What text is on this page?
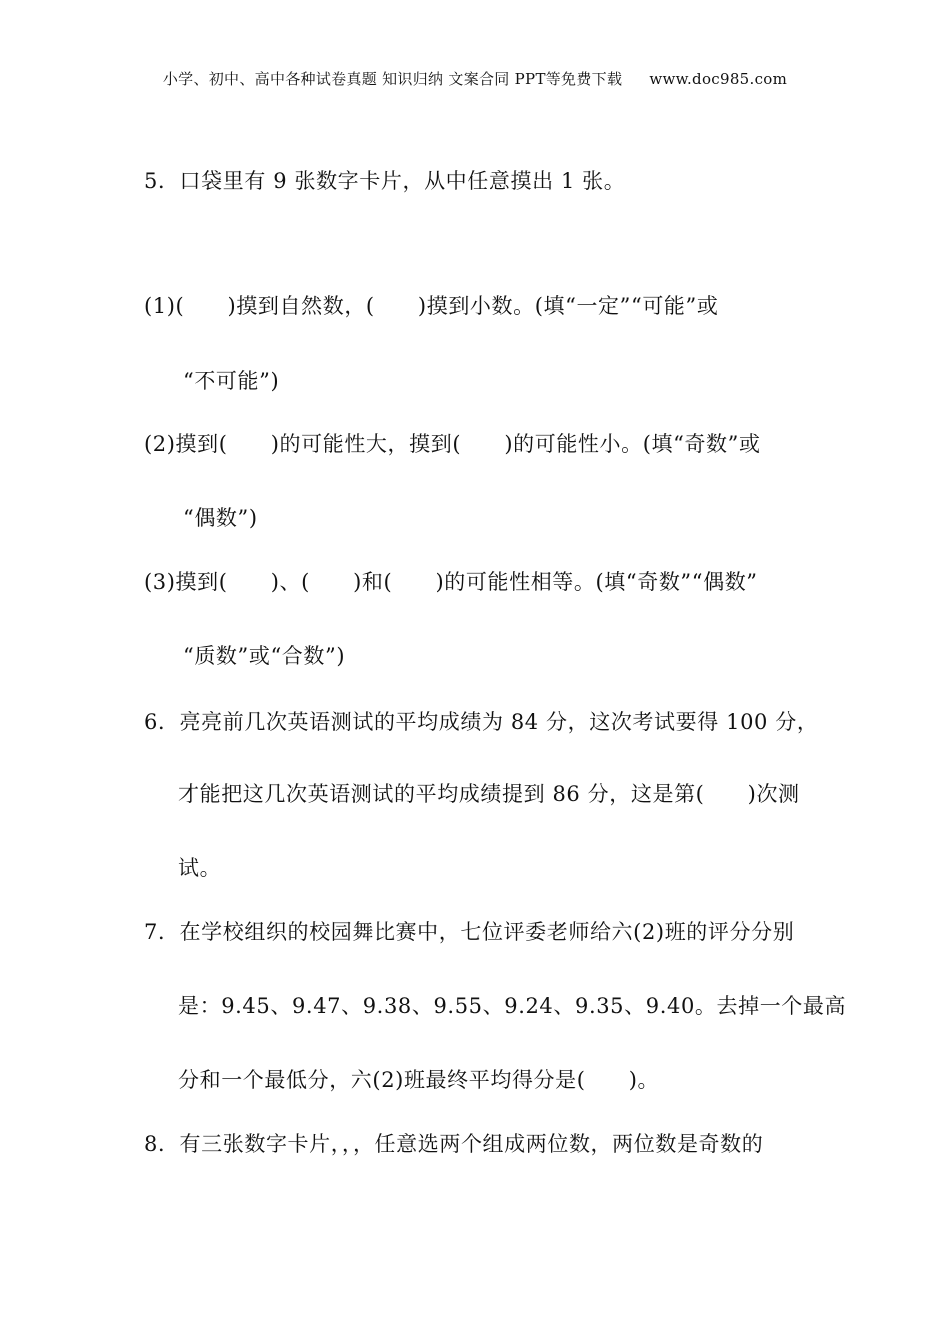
小学、初中、高中各种试卷真题 知识归纳 文案合同 PPT等免费下载 www.doc985.com
5．口袋里有 9 张数字卡片，从中任意摸出 1 张。
(1)(　　)摸到自然数，(　　)摸到小数。(填“一定”“可能”或
“不可能”)
(2)摸到(　　)的可能性大，摸到(　　)的可能性小。(填“奇数”或
“偶数”)
(3)摸到(　　)、(　　)和(　　)的可能性相等。(填“奇数”“偶数”
“质数”或“合数”)
6．亮亮前几次英语测试的平均成绩为 84 分，这次考试要得 100 分，
才能把这几次英语测试的平均成绩提到 86 分，这是第(　　)次测
试。
7．在学校组织的校园舞比赛中，七位评委老师给六(2)班的评分分别
是：9.45、9.47、9.38、9.55、9.24、9.35、9.40。去掉一个最高
分和一个最低分，六(2)班最终平均得分是(　　)。
8．有三张数字卡片，，，任意选两个组成两位数，两位数是奇数的
